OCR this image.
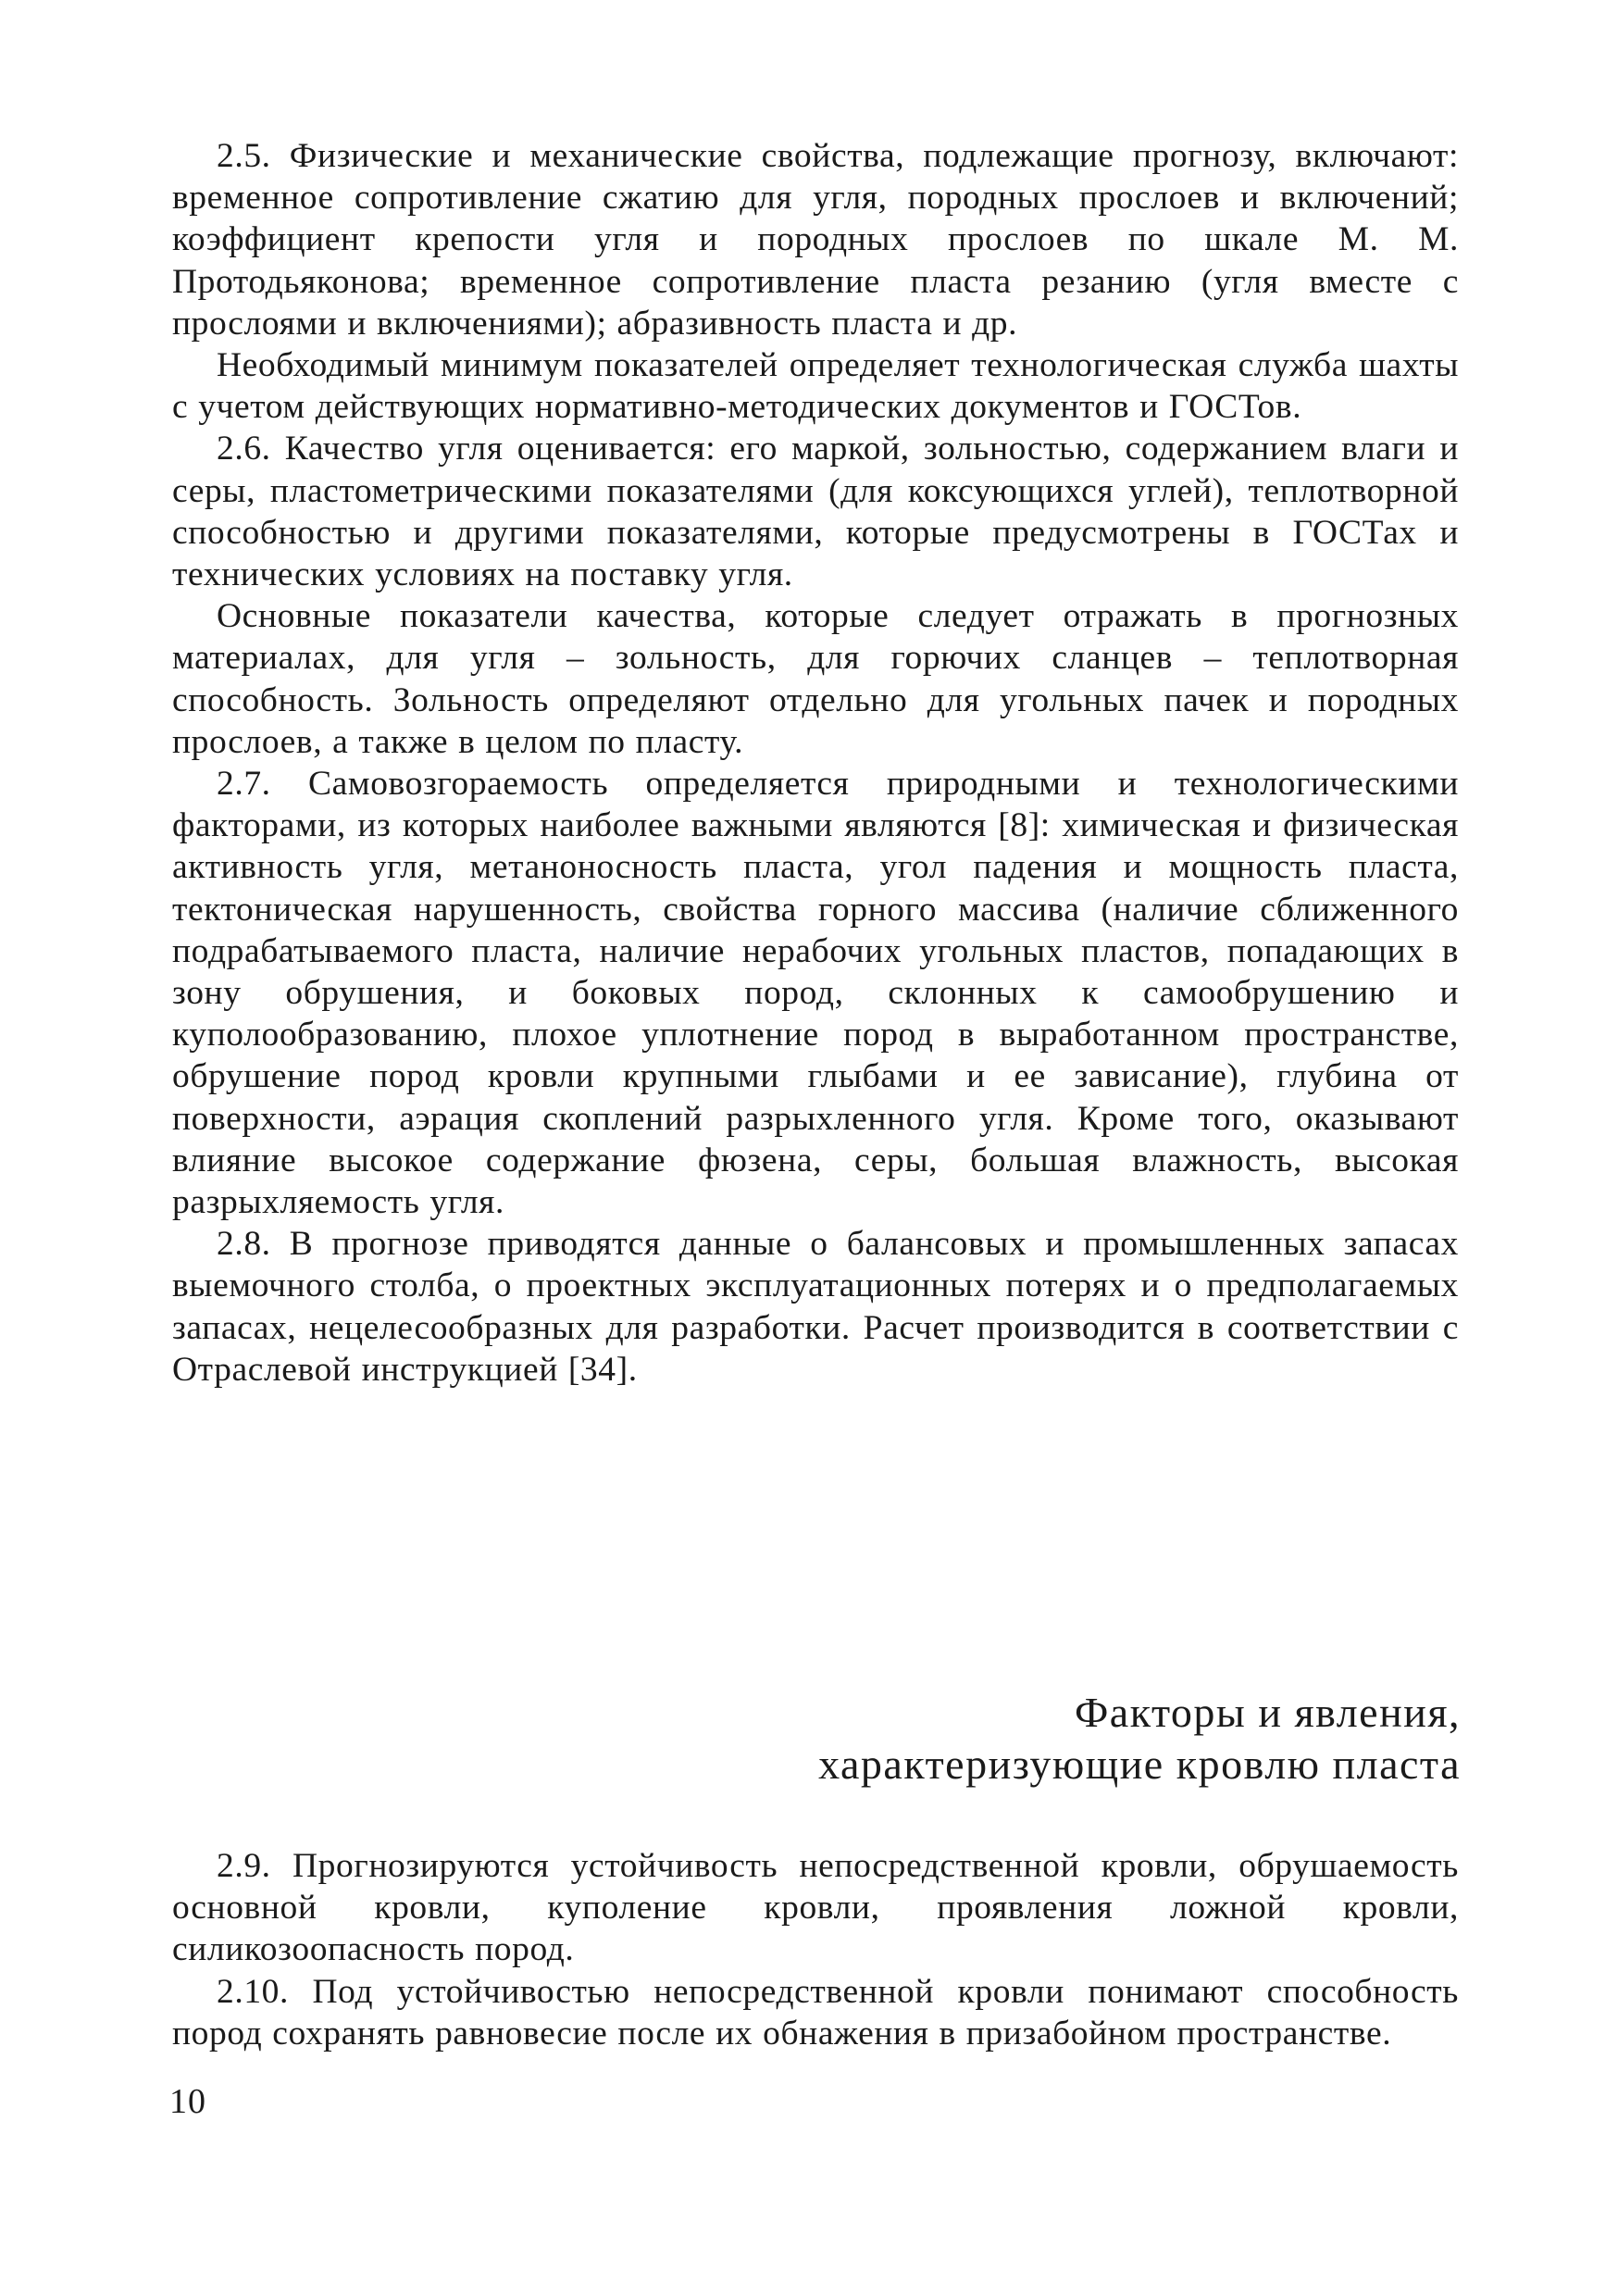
2.5. Физические и механические свойства, подлежащие прогнозу, включают: временное сопротивление сжатию для угля, породных прослоев и включений; коэффициент крепости угля и породных прослоев по шкале М. М. Протодьяконова; временное сопротивление пласта резанию (угля вместе с прослоями и включениями); абразивность пласта и др.

Необходимый минимум показателей определяет технологическая служба шахты с учетом действующих нормативно-методических документов и ГОСТов.

2.6. Качество угля оценивается: его маркой, зольностью, содержанием влаги и серы, пластометрическими показателями (для коксующихся углей), теплотворной способностью и другими показателями, которые предусмотрены в ГОСТах и технических условиях на поставку угля.

Основные показатели качества, которые следует отражать в прогнозных материалах, для угля – зольность, для горючих сланцев – теплотворная способность. Зольность определяют отдельно для угольных пачек и породных прослоев, а также в целом по пласту.

2.7. Самовозгораемость определяется природными и технологическими факторами, из которых наиболее важными являются [8]: химическая и физическая активность угля, метаноносность пласта, угол падения и мощность пласта, тектоническая нарушенность, свойства горного массива (наличие сближенного подрабатываемого пласта, наличие нерабочих угольных пластов, попадающих в зону обрушения, и боковых пород, склонных к самообрушению и куполообразованию, плохое уплотнение пород в выработанном пространстве, обрушение пород кровли крупными глыбами и ее зависание), глубина от поверхности, аэрация скоплений разрыхленного угля. Кроме того, оказывают влияние высокое содержание фюзена, серы, большая влажность, высокая разрыхляемость угля.

2.8. В прогнозе приводятся данные о балансовых и промышленных запасах выемочного столба, о проектных эксплуатационных потерях и о предполагаемых запасах, нецелесообразных для разработки. Расчет производится в соответствии с Отраслевой инструкцией [34].

Факторы и явления,
характеризующие кровлю пласта

2.9. Прогнозируются устойчивость непосредственной кровли, обрушаемость основной кровли, куполение кровли, проявления ложной кровли, силикозоопасность пород.

2.10. Под устойчивостью непосредственной кровли понимают способность пород сохранять равновесие после их обнажения в призабойном пространстве.

10
